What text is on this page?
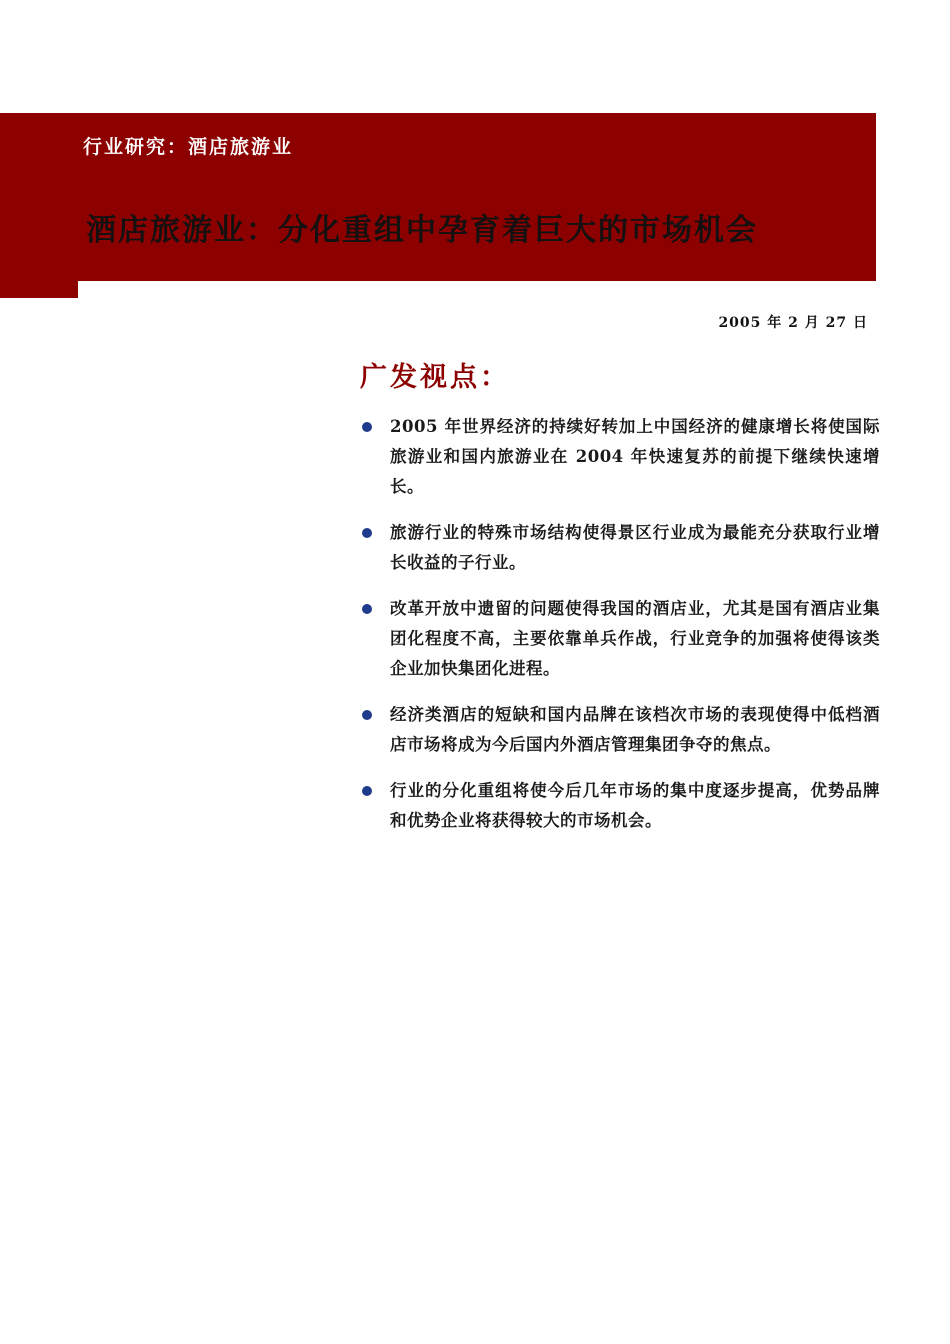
行业研究：酒店旅游业
酒店旅游业：分化重组中孕育着巨大的市场机会
2005 年 2 月 27 日
广发视点：
2005 年世界经济的持续好转加上中国经济的健康增长将使国际旅游业和国内旅游业在 2004 年快速复苏的前提下继续快速增长。
旅游行业的特殊市场结构使得景区行业成为最能充分获取行业增长收益的子行业。
改革开放中遗留的问题使得我国的酒店业，尤其是国有酒店业集团化程度不高，主要依靠单兵作战，行业竞争的加强将使得该类企业加快集团化进程。
经济类酒店的短缺和国内品牌在该档次市场的表现使得中低档酒店市场将成为今后国内外酒店管理集团争夺的焦点。
行业的分化重组将使今后几年市场的集中度逐步提高，优势品牌和优势企业将获得较大的市场机会。
